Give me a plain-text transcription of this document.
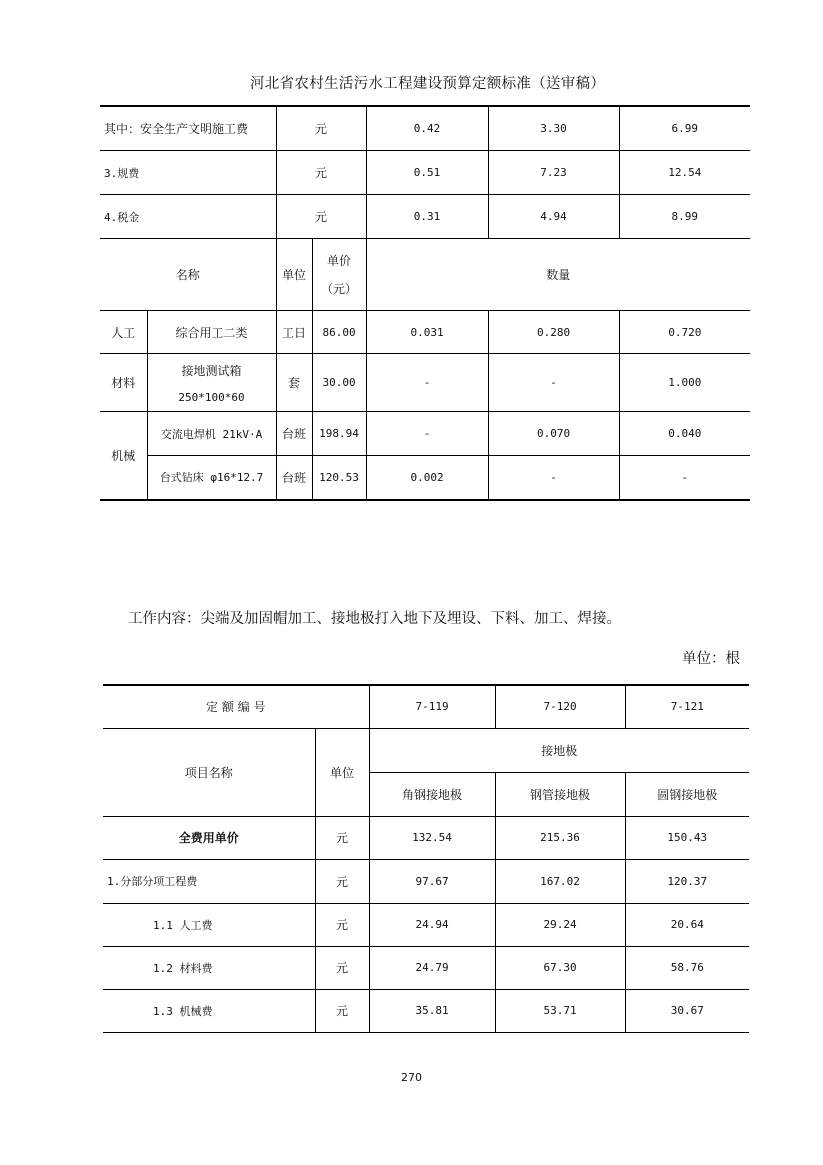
河北省农村生活污水工程建设预算定额标准（送审稿）
其中：安全生产文明施工费		元		0.42	3.30	6.99
3.规费		元		0.51	7.23	12.54
4.税金		元		0.31	4.94	8.99
名称		单位	单价
（元）	数量		
人工	综合用工二类	工日	86.00	0.031	0.280	0.720
材料	接地测试箱
250*100*60	套	30.00	-	-	1.000
机械	交流电焊机 21kV·A	台班	198.94	-	0.070	0.040
	台式钻床 φ16*12.7	台班	120.53	0.002	-	-
工作内容：尖端及加固帽加工、接地极打入地下及埋设、下料、加工、焊接。
单位：根
定 额 编 号		7-119	7-120	7-121
项目名称	单位	接地极		
		角钢接地极	钢管接地极	圆钢接地极
全费用单价	元	132.54	215.36	150.43
1.分部分项工程费	元	97.67	167.02	120.37
1.1 人工费	元	24.94	29.24	20.64
1.2 材料费	元	24.79	67.30	58.76
1.3 机械费	元	35.81	53.71	30.67
270
